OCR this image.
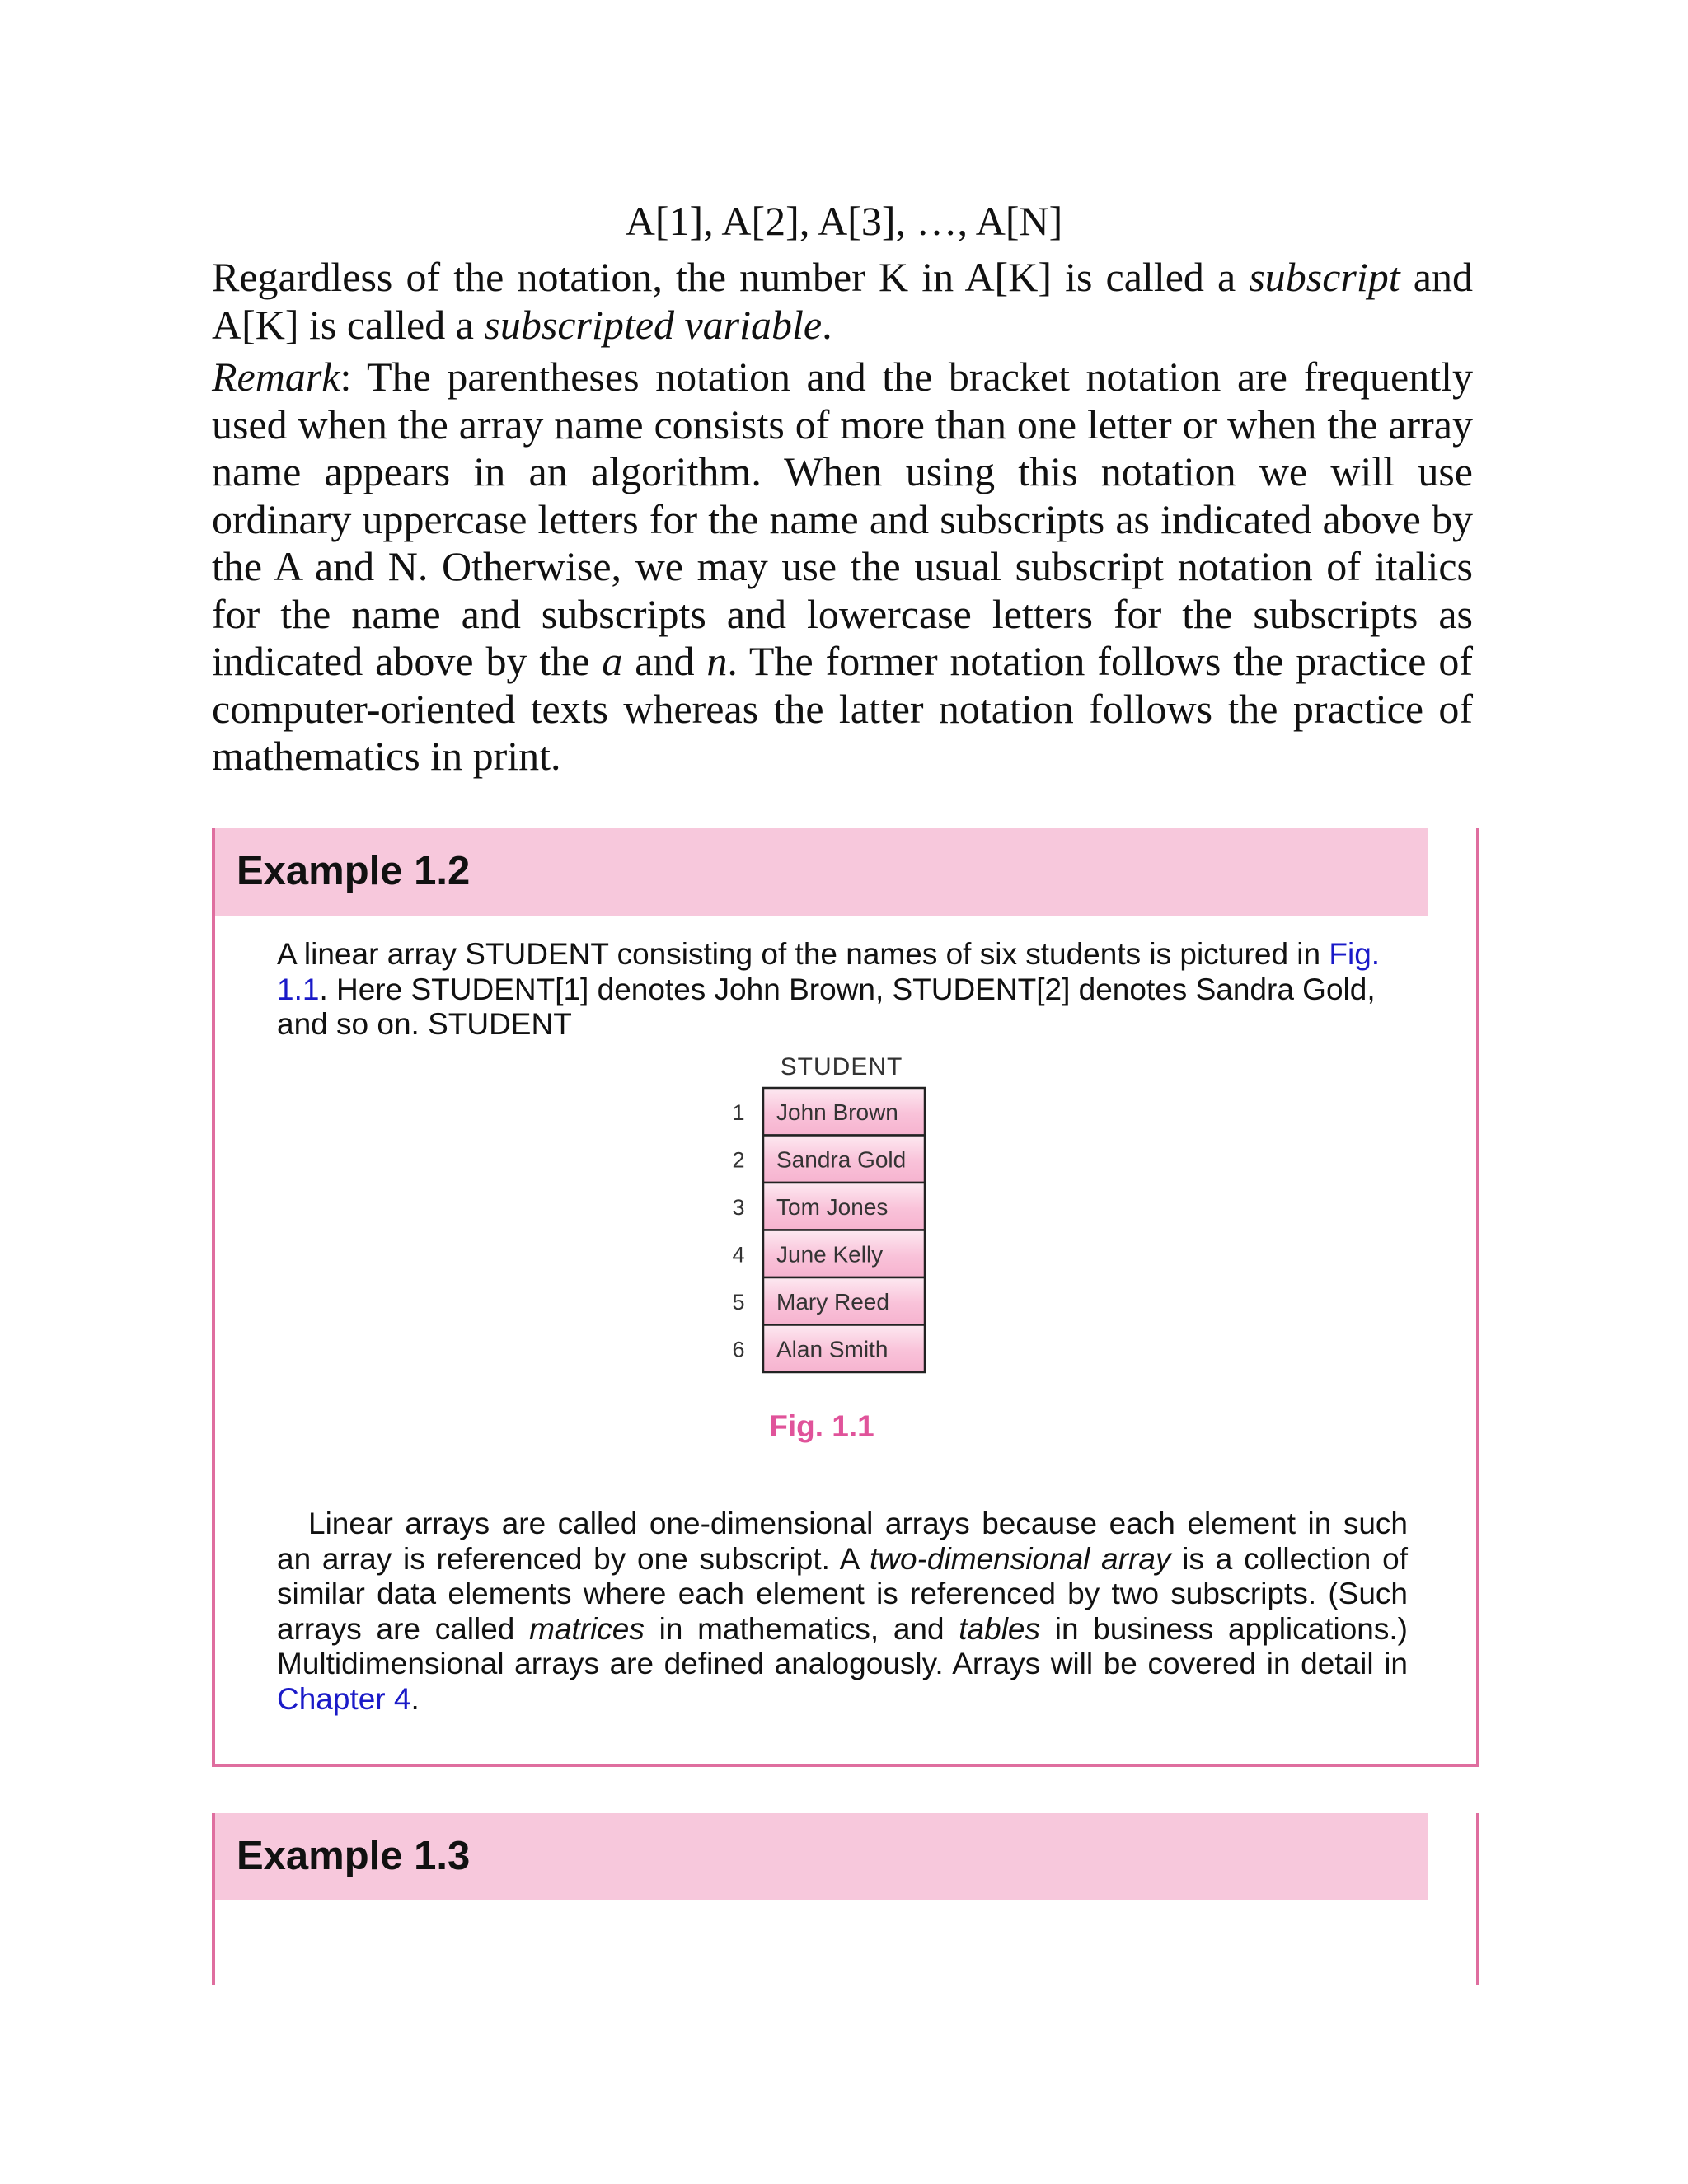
A[1], A[2], A[3], …, A[N]
Regardless of the notation, the number K in A[K] is called a subscript and A[K] is called a subscripted variable.
Remark: The parentheses notation and the bracket notation are frequently used when the array name consists of more than one letter or when the array name appears in an algorithm. When using this notation we will use ordinary uppercase letters for the name and subscripts as indicated above by the A and N. Otherwise, we may use the usual subscript notation of italics for the name and subscripts and lowercase letters for the subscripts as indicated above by the a and n. The former notation follows the practice of computer-oriented texts whereas the latter notation follows the practice of mathematics in print.
Example 1.2
A linear array STUDENT consisting of the names of six students is pictured in Fig. 1.1. Here STUDENT[1] denotes John Brown, STUDENT[2] denotes Sandra Gold, and so on. STUDENT
STUDENT
1 John Brown
2 Sandra Gold
3 Tom Jones
4 June Kelly
5 Mary Reed
6 Alan Smith
Fig. 1.1
Linear arrays are called one-dimensional arrays because each element in such an array is referenced by one subscript. A two-dimensional array is a collection of similar data elements where each element is referenced by two subscripts. (Such arrays are called matrices in mathematics, and tables in business applications.) Multidimensional arrays are defined analogously. Arrays will be covered in detail in Chapter 4.
Example 1.3
